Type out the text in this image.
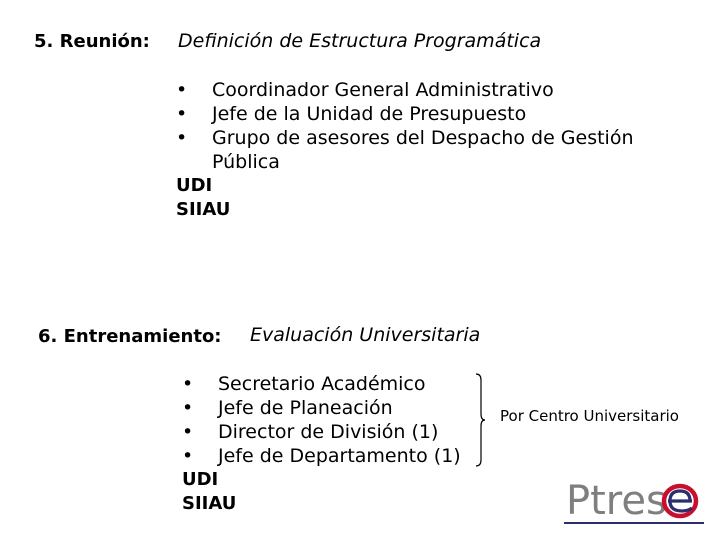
5. Reunión: Definición de Estructura Programática
•	Coordinador General Administrativo
•	Jefe de la Unidad de Presupuesto
•	Grupo de asesores del Despacho de Gestión
Pública
UDI
SIIAU
6. Entrenamiento: Evaluación Universitaria
•	Secretario Académico
•	Jefe de Planeación
•	Director de División (1)
•	Jefe de Departamento (1)
UDI
SIIAU
Por Centro Universitario
Ptres
